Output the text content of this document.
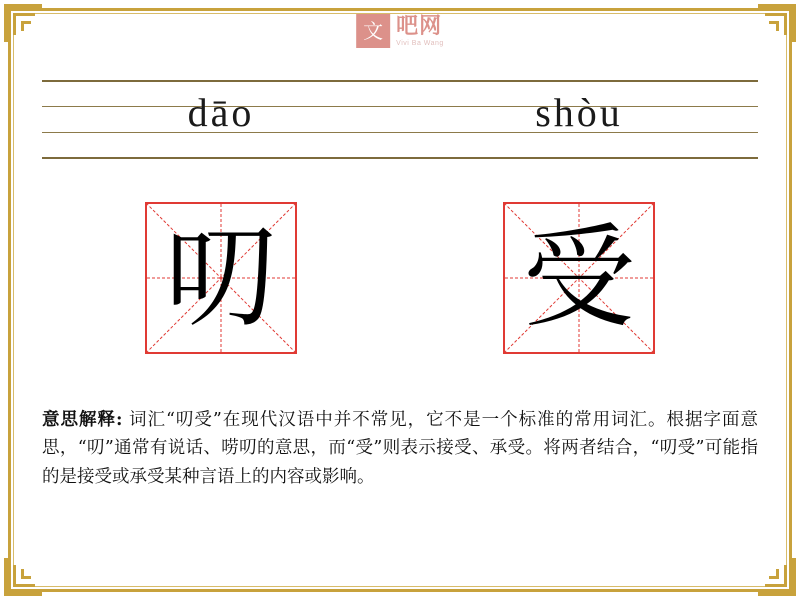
文 吧网
Vivi Ba Wang
dāo	shòu
叨 受
意思解释: 词汇“叨受”在现代汉语中并不常见，它不是一个标准的常用词汇。根据字面意思，“叨”通常有说话、唠叨的意思，而“受”则表示接受、承受。将两者结合，“叨受”可能指的是接受或承受某种言语上的内容或影响。
